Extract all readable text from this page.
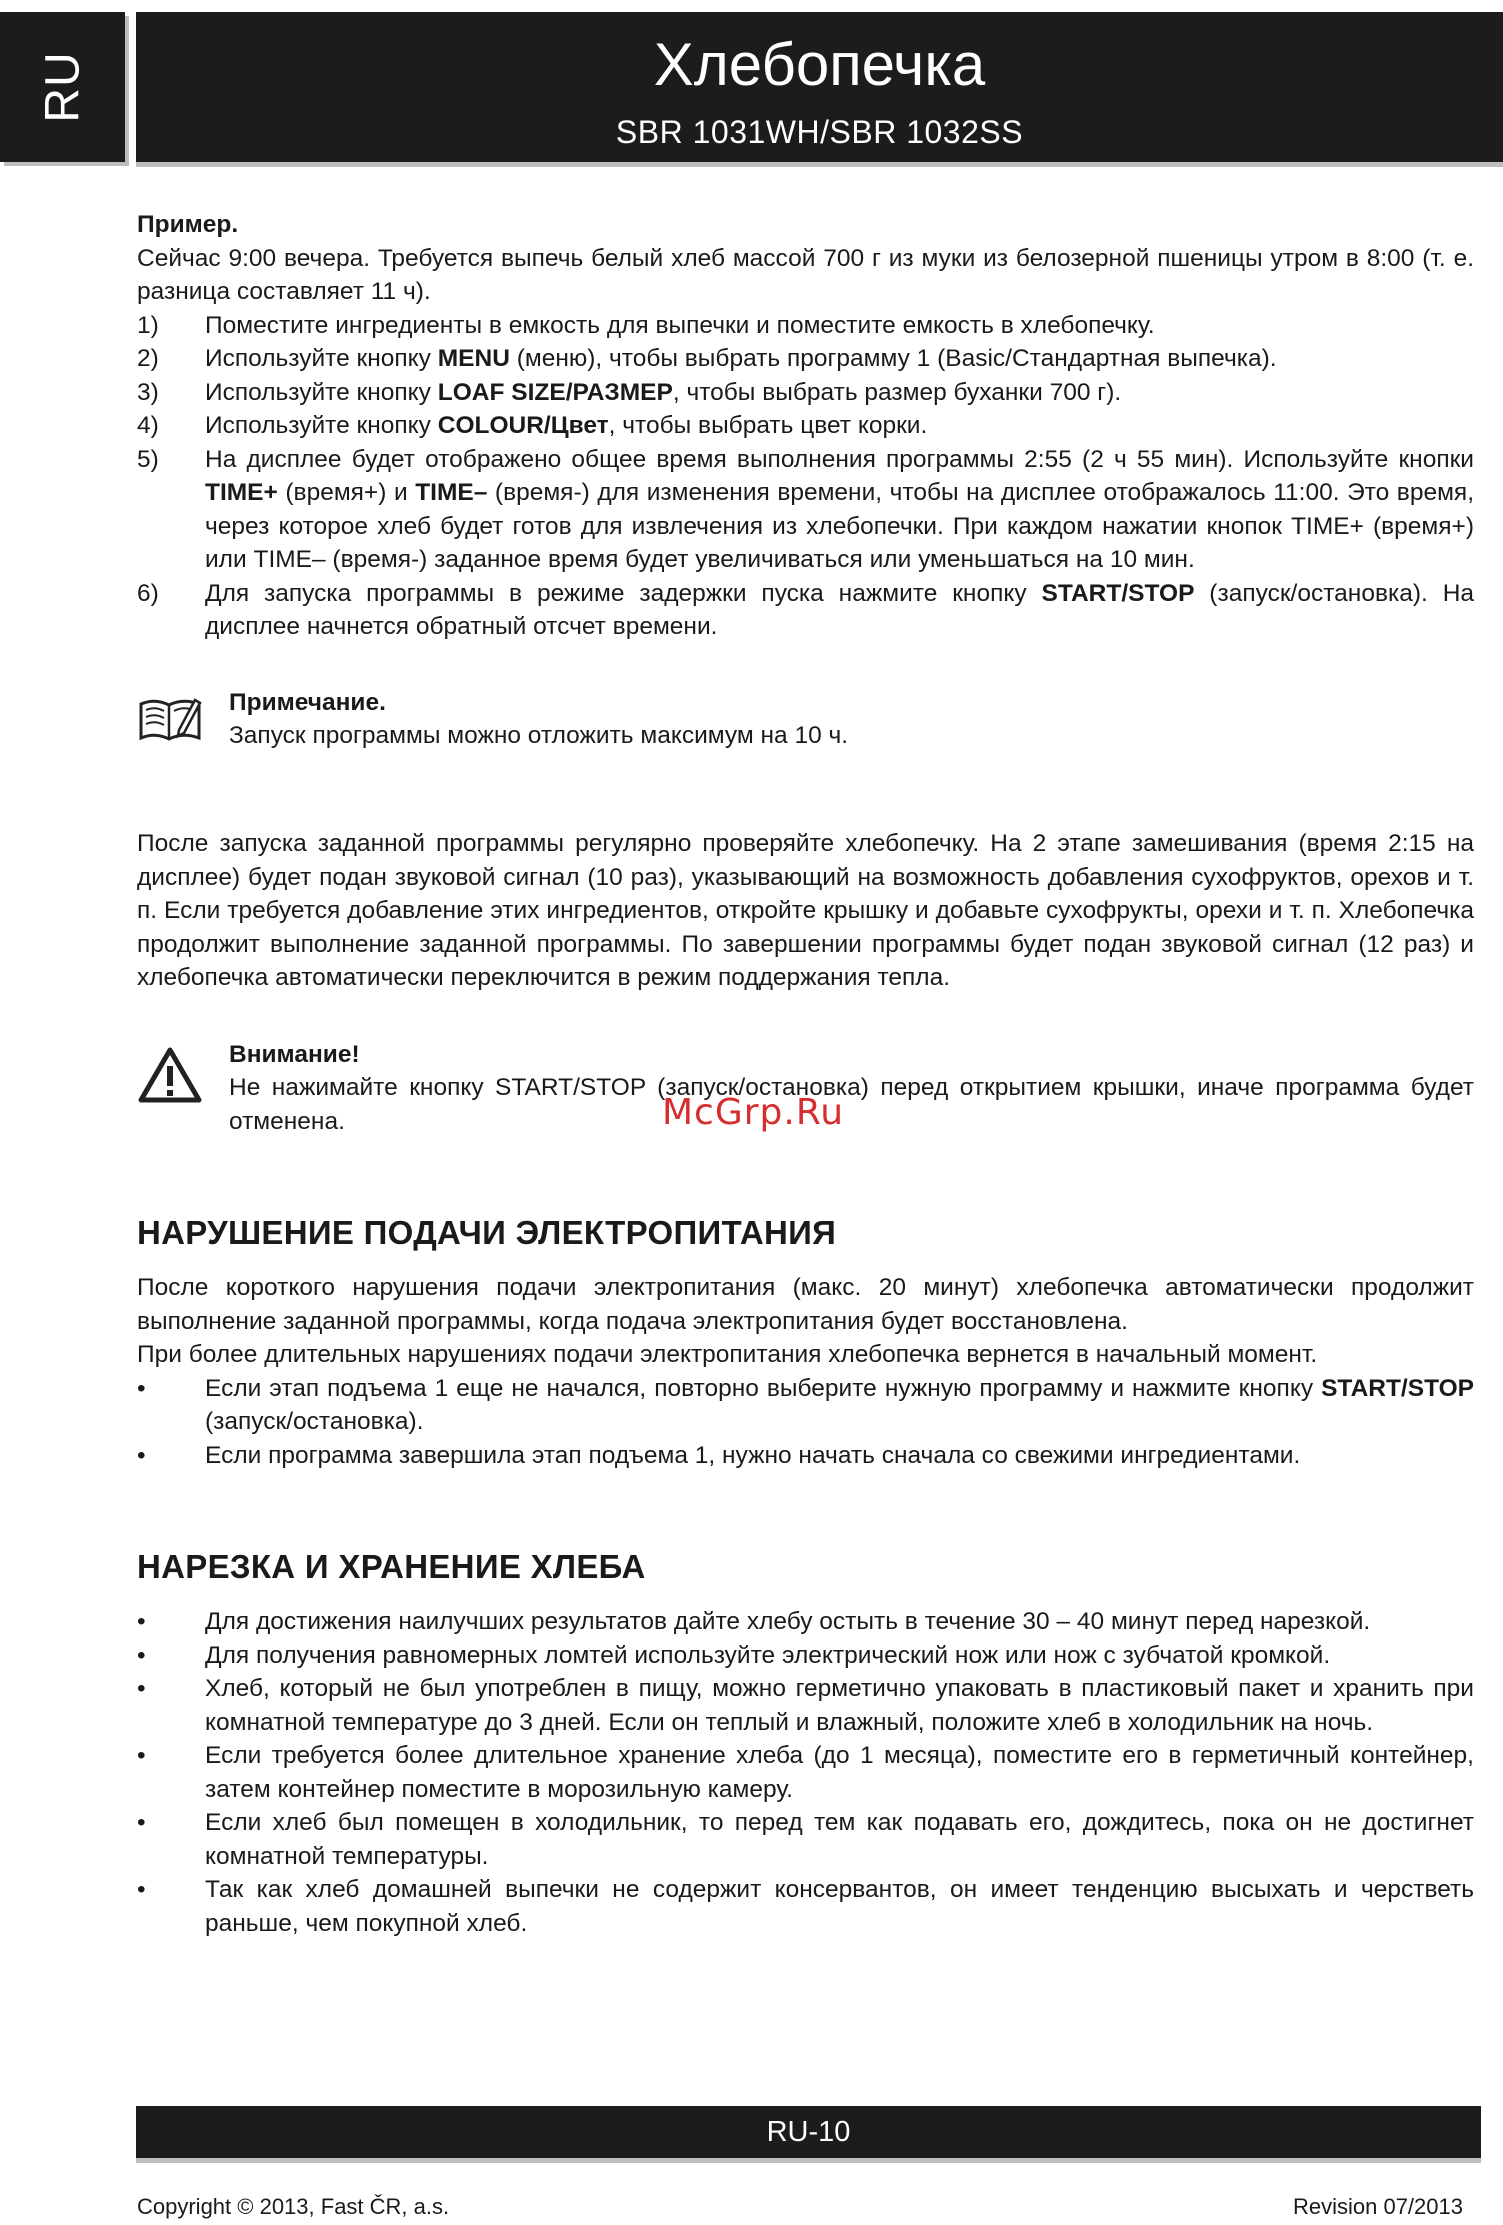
RU	Хлебопечка
SBR 1031WH/SBR 1032SS

Пример.

Сейчас 9:00 вечера. Требуется выпечь белый хлеб массой 700 г из муки из белозерной пшеницы утром в 8:00 (т. е. разница составляет 11 ч).

1)	Поместите ингредиенты в емкость для выпечки и поместите емкость в хлебопечку.
2)	Используйте кнопку MENU (меню), чтобы выбрать программу 1 (Basic/Стандартная выпечка).
3)	Используйте кнопку LOAF SIZE/РАЗМЕР, чтобы выбрать размер буханки 700 г).
4)	Используйте кнопку COLOUR/Цвет, чтобы выбрать цвет корки.
5)	На дисплее будет отображено общее время выполнения программы 2:55 (2 ч 55 мин). Используйте кнопки TIME+ (время+) и TIME– (время-) для изменения времени, чтобы на дисплее отображалось 11:00. Это время, через которое хлеб будет готов для извлечения из хлебопечки. При каждом нажатии кнопок TIME+ (время+) или TIME– (время-) заданное время будет увеличиваться или уменьшаться на 10 мин.
6)	Для запуска программы в режиме задержки пуска нажмите кнопку START/STOP (запуск/остановка). На дисплее начнется обратный отсчет времени.
Примечание.
Запуск программы можно отложить максимум на 10 ч.

После запуска заданной программы регулярно проверяйте хлебопечку. На 2 этапе замешивания (время 2:15 на дисплее) будет подан звуковой сигнал (10 раз), указывающий на возможность добавления сухофруктов, орехов и т. п. Если требуется добавление этих ингредиентов, откройте крышку и добавьте сухофрукты, орехи и т. п. Хлебопечка продолжит выполнение заданной программы. По завершении программы будет подан звуковой сигнал (12 раз) и хлебопечка автоматически переключится в режим поддержания тепла.

Внимание!
Не нажимайте кнопку START/STOP (запуск/остановка) перед открытием крышки, иначе программа будет отменена.
НАРУШЕНИЕ ПОДАЧИ ЭЛЕКТРОПИТАНИЯ

После короткого нарушения подачи электропитания (макс. 20 минут) хлебопечка автоматически продолжит выполнение заданной программы, когда подача электропитания будет восстановлена.

При более длительных нарушениях подачи электропитания хлебопечка вернется в начальный момент.

•	Если этап подъема 1 еще не начался, повторно выберите нужную программу и нажмите кнопку START/STOP (запуск/остановка).
•	Если программа завершила этап подъема 1, нужно начать сначала со свежими ингредиентами.
НАРЕЗКА И ХРАНЕНИЕ ХЛЕБА
•	Для достижения наилучших результатов дайте хлебу остыть в течение 30 – 40 минут перед нарезкой.
•	Для получения равномерных ломтей используйте электрический нож или нож с зубчатой кромкой.
•	Хлеб, который не был употреблен в пищу, можно герметично упаковать в пластиковый пакет и хранить при комнатной температуре до 3 дней. Если он теплый и влажный, положите хлеб в холодильник на ночь.
•	Если требуется более длительное хранение хлеба (до 1 месяца), поместите его в герметичный контейнер, затем контейнер поместите в морозильную камеру.
•	Если хлеб был помещен в холодильник, то перед тем как подавать его, дождитесь, пока он не достигнет комнатной температуры.
•	Так как хлеб домашней выпечки не содержит консервантов, он имеет тенденцию высыхать и черстветь раньше, чем покупной хлеб.
McGrp.Ru
RU-10
Copyright © 2013, Fast ČR, a.s.	Revision 07/2013
